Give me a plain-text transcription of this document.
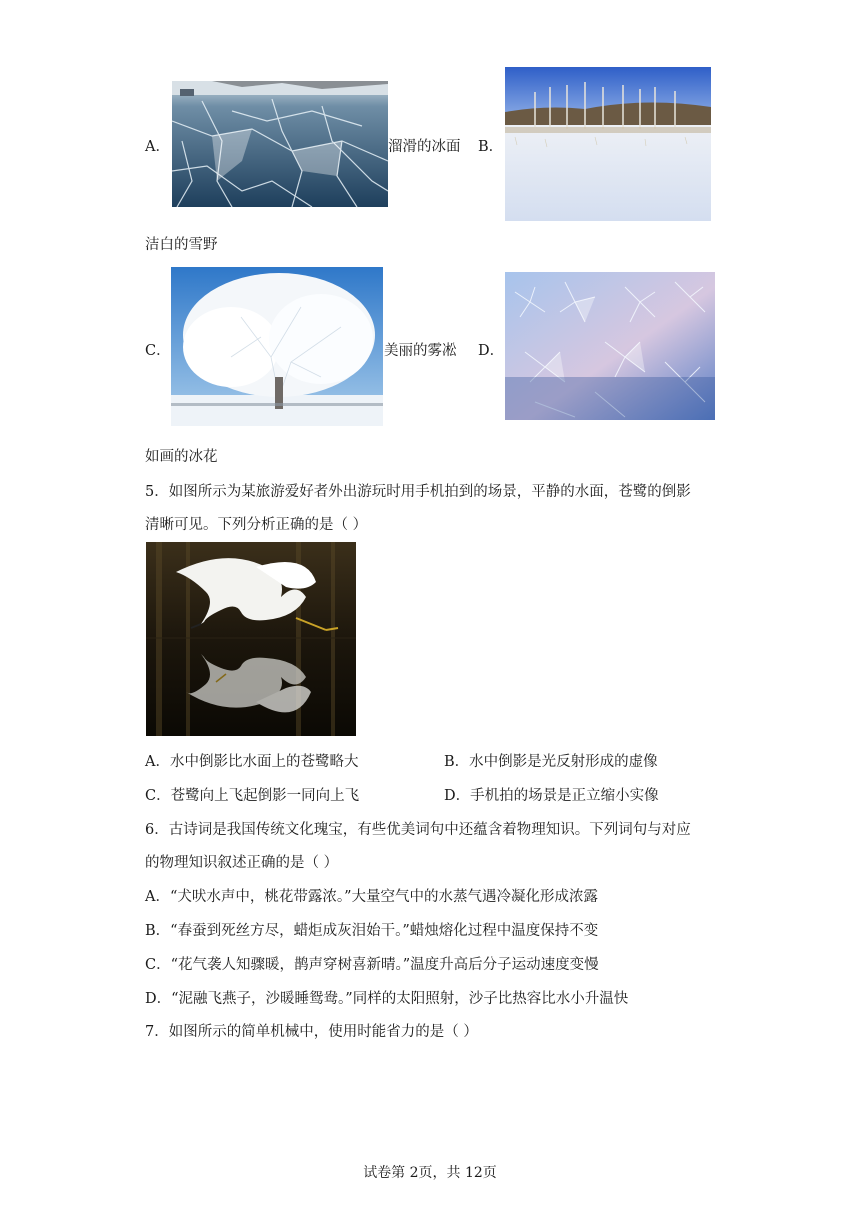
A．	溜滑的冰面 B．
洁白的雪野
C．	美丽的雾凇 D．
如画的冰花
5．如图所示为某旅游爱好者外出游玩时用手机拍到的场景，平静的水面，苍鹭的倒影
清晰可见。下列分析正确的是（ ）
A．水中倒影比水面上的苍鹭略大	B．水中倒影是光反射形成的虚像
C．苍鹭向上飞起倒影一同向上飞	D．手机拍的场景是正立缩小实像
6．古诗词是我国传统文化瑰宝，有些优美词句中还蕴含着物理知识。下列词句与对应
的物理知识叙述正确的是（ ）
A．“犬吠水声中，桃花带露浓。”大量空气中的水蒸气遇冷凝化形成浓露
B．“春蚕到死丝方尽，蜡炬成灰泪始干。”蜡烛熔化过程中温度保持不变
C．“花气袭人知骤暖，鹊声穿树喜新晴。”温度升高后分子运动速度变慢
D．“泥融飞燕子，沙暖睡鸳鸯。”同样的太阳照射，沙子比热容比水小升温快
7．如图所示的简单机械中，使用时能省力的是（ ）
试卷第 2页，共 12页
